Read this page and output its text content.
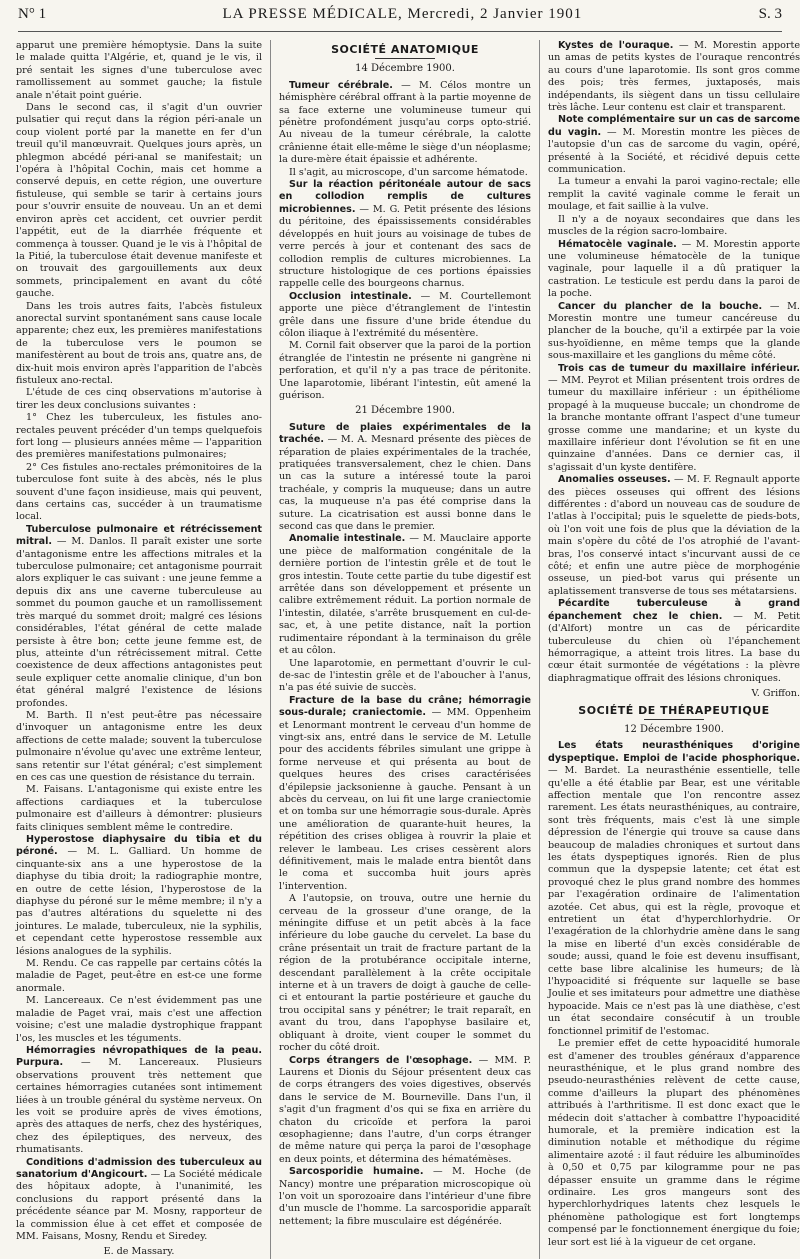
N° 1	LA PRESSE MÉDICALE, Mercredi, 2 Janvier 1901	S. 3

apparut une première hémoptysie. Dans la suite le malade quitta l'Algérie, et, quand je le vis, il pré sentait les signes d'une tuberculose avec ramollissement au sommet gauche; la fistule anale n'était point guérie.

Dans le second cas, il s'agit d'un ouvrier pulsatier qui reçut dans la région péri-anale un coup violent porté par la manette en fer d'un treuil qu'il manœuvrait. Quelques jours après, un phlegmon abcédé péri-anal se manifestait; un l'opéra à l'hôpital Cochin, mais cet homme a conservé depuis, en cette région, une ouverture fistuleuse, qui semble se tarir à certains jours pour s'ouvrir ensuite de nouveau. Un an et demi environ après cet accident, cet ouvrier perdit l'appétit, eut de la diarrhée fréquente et commença à tousser. Quand je le vis à l'hôpital de la Pitié, la tuberculose était devenue manifeste et on trouvait des gargouillements aux deux sommets, principalement en avant du côté gauche.

Dans les trois autres faits, l'abcès fistuleux anorectal survint spontanément sans cause locale apparente; chez eux, les premières manifestations de la tuberculose vers le poumon se manifestèrent au bout de trois ans, quatre ans, de dix-huit mois environ après l'apparition de l'abcès fistuleux ano-rectal.

L'étude de ces cinq observations m'autorise à tirer les deux conclusions suivantes :

1° Chez les tuberculeux, les fistules ano-rectales peuvent précéder d'un temps quelquefois fort long — plusieurs années même — l'apparition des premières manifestations pulmonaires;

2° Ces fistules ano-rectales prémonitoires de la tuberculose font suite à des abcès, nés le plus souvent d'une façon insidieuse, mais qui peuvent, dans certains cas, succéder à un traumatisme local.

Tuberculose pulmonaire et rétrécissement mitral. — M. Danlos. Il paraît exister une sorte d'antagonisme entre les affections mitrales et la tuberculose pulmonaire; cet antagonisme pourrait alors expliquer le cas suivant : une jeune femme a depuis dix ans une caverne tuberculeuse au sommet du poumon gauche et un ramollissement très marqué du sommet droit; malgré ces lésions considérables, l'état général de cette malade persiste à être bon; cette jeune femme est, de plus, atteinte d'un rétrécissement mitral. Cette coexistence de deux affections antagonistes peut seule expliquer cette anomalie clinique, d'un bon état général malgré l'existence de lésions profondes.

M. Barth. Il n'est peut-être pas nécessaire d'invoquer un antagonisme entre les deux affections de cette malade; souvent la tuberculose pulmonaire n'évolue qu'avec une extrême lenteur, sans retentir sur l'état général; c'est simplement en ces cas une question de résistance du terrain.

M. Faisans. L'antagonisme qui existe entre les affections cardiaques et la tuberculose pulmonaire est d'ailleurs à démontrer: plusieurs faits cliniques semblent même le contredire.

Hyperostose diaphysaire du tibia et du péroné. — M. L. Galliard. Un homme de cinquante-six ans a une hyperostose de la diaphyse du tibia droit; la radiographie montre, en outre de cette lésion, l'hyperostose de la diaphyse du péroné sur le même membre; il n'y a pas d'autres altérations du squelette ni des jointures. Le malade, tuberculeux, nie la syphilis, et cependant cette hyperostose ressemble aux lésions analogues de la syphilis.

M. Rendu. Ce cas rappelle par certains côtés la maladie de Paget, peut-être en est-ce une forme anormale.

M. Lancereaux. Ce n'est évidemment pas une maladie de Paget vrai, mais c'est une affection voisine; c'est une maladie dystrophique frappant l'os, les muscles et les téguments.

Hémorragies névropathiques de la peau. Purpura. — M. Lancereaux. Plusieurs observations prouvent très nettement que certaines hémorragies cutanées sont intimement liées à un trouble général du système nerveux. On les voit se produire après de vives émotions, après des attaques de nerfs, chez des hystériques, chez des épileptiques, des nerveux, des rhumatisants.

Conditions d'admission des tuberculeux au sanatorium d'Angicourt. — La Société médicale des hôpitaux adopte, à l'unanimité, les conclusions du rapport présenté dans la précédente séance par M. Mosny, rapporteur de la commission élue à cet effet et composée de MM. Faisans, Mosny, Rendu et Siredey.

E. de Massary.
SOCIÉTÉ ANATOMIQUE
14 Décembre 1900.

Tumeur cérébrale. — M. Célos montre un hémisphère cérébral offrant à la partie moyenne de sa face externe une volumineuse tumeur qui pénètre profondément jusqu'au corps opto-strié. Au niveau de la tumeur cérébrale, la calotte crânienne était elle-même le siège d'un néoplasme; la dure-mère était épaissie et adhérente.

Il s'agit, au microscope, d'un sarcome hématode.

Sur la réaction péritonéale autour de sacs en collodion remplis de cultures microbiennes. — M. G. Petit présente des lésions du péritoine, des épaississements considérables développés en huit jours au voisinage de tubes de verre percés à jour et contenant des sacs de collodion remplis de cultures microbiennes. La structure histologique de ces portions épaissies rappelle celle des bourgeons charnus.

Occlusion intestinale. — M. Courtellemont apporte une pièce d'étranglement de l'intestin grêle dans une fissure d'une bride étendue du côlon iliaque à l'extrémité du mésentère.

M. Cornil fait observer que la paroi de la portion étranglée de l'intestin ne présente ni gangrène ni perforation, et qu'il n'y a pas trace de péritonite. Une laparotomie, libérant l'intestin, eût amené la guérison.

21 Décembre 1900.

Suture de plaies expérimentales de la trachée. — M. A. Mesnard présente des pièces de réparation de plaies expérimentales de la trachée, pratiquées transversalement, chez le chien. Dans un cas la suture a intéressé toute la paroi trachéale, y compris la muqueuse; dans un autre cas, la muqueuse n'a pas été comprise dans la suture. La cicatrisation est aussi bonne dans le second cas que dans le premier.

Anomalie intestinale. — M. Mauclaire apporte une pièce de malformation congénitale de la dernière portion de l'intestin grêle et de tout le gros intestin. Toute cette partie du tube digestif est arrêtée dans son développement et présente un calibre extrêmement réduit. La portion normale de l'intestin, dilatée, s'arrête brusquement en cul-de-sac, et, à une petite distance, naît la portion rudimentaire répondant à la terminaison du grêle et au côlon.

Une laparotomie, en permettant d'ouvrir le cul-de-sac de l'intestin grêle et de l'aboucher à l'anus, n'a pas été suivie de succès.

Fracture de la base du crâne; hémorragie sous-durale; craniectomie. — MM. Oppenheim et Lenormant montrent le cerveau d'un homme de vingt-six ans, entré dans le service de M. Letulle pour des accidents fébriles simulant une grippe à forme nerveuse et qui présenta au bout de quelques heures des crises caractérisées d'épilepsie jacksonienne à gauche. Pensant à un abcès du cerveau, on lui fit une large craniectomie et on tomba sur une hémorragie sous-durale. Après une amélioration de quarante-huit heures, la répétition des crises obligea à rouvrir la plaie et relever le lambeau. Les crises cessèrent alors définitivement, mais le malade entra bientôt dans le coma et succomba huit jours après l'intervention.

A l'autopsie, on trouva, outre une hernie du cerveau de la grosseur d'une orange, de la méningite diffuse et un petit abcès à la face inférieure du lobe gauche du cervelet. La base du crâne présentait un trait de fracture partant de la région de la protubérance occipitale interne, descendant parallèlement à la crête occipitale interne et à un travers de doigt à gauche de celle-ci et entourant la partie postérieure et gauche du trou occipital sans y pénétrer; le trait reparaît, en avant du trou, dans l'apophyse basilaire et, obliquant à droite, vient couper le sommet du rocher du côté droit.

Corps étrangers de l'œsophage. — MM. P. Laurens et Dionis du Séjour présentent deux cas de corps étrangers des voies digestives, observés dans le service de M. Bourneville. Dans l'un, il s'agit d'un fragment d'os qui se fixa en arrière du chaton du cricoïde et perfora la paroi œsophagienne; dans l'autre, d'un corps étranger de même nature qui perça la paroi de l'œsophage en deux points, et détermina des hématémèses.

Sarcosporidie humaine. — M. Hoche (de Nancy) montre une préparation microscopique où l'on voit un sporozoaire dans l'intérieur d'une fibre d'un muscle de l'homme. La sarcosporidie apparaît nettement; la fibre musculaire est dégénérée.

Kystes de l'ouraque. — M. Morestin apporte un amas de petits kystes de l'ouraque rencontrés au cours d'une laparotomie. Ils sont gros comme des pois; très fermes, juxtaposés, mais indépendants, ils siègent dans un tissu cellulaire très lâche. Leur contenu est clair et transparent.

Note complémentaire sur un cas de sarcome du vagin. — M. Morestin montre les pièces de l'autopsie d'un cas de sarcome du vagin, opéré, présenté à la Société, et récidivé depuis cette communication.

La tumeur a envahi la paroi vagino-rectale; elle remplit la cavité vaginale comme le ferait un moulage, et fait saillie à la vulve.

Il n'y a de noyaux secondaires que dans les muscles de la région sacro-lombaire.

Hématocèle vaginale. — M. Morestin apporte une volumineuse hématocèle de la tunique vaginale, pour laquelle il a dû pratiquer la castration. Le testicule est perdu dans la paroi de la poche.

Cancer du plancher de la bouche. — M. Morestin montre une tumeur cancéreuse du plancher de la bouche, qu'il a extirpée par la voie sus-hyoïdienne, en même temps que la glande sous-maxillaire et les ganglions du même côté.

Trois cas de tumeur du maxillaire inférieur. — MM. Peyrot et Milian présentent trois ordres de tumeur du maxillaire inférieur : un épithéliome propagé à la muqueuse buccale; un chondrome de la branche montante offrant l'aspect d'une tumeur grosse comme une mandarine; et un kyste du maxillaire inférieur dont l'évolution se fit en une quinzaine d'années. Dans ce dernier cas, il s'agissait d'un kyste dentifère.

Anomalies osseuses. — M. F. Regnault apporte des pièces osseuses qui offrent des lésions différentes : d'abord un nouveau cas de soudure de l'atlas à l'occipital; puis le squelette de pieds-bots, où l'on voit une fois de plus que la déviation de la main s'opère du côté de l'os atrophié de l'avant-bras, l'os conservé intact s'incurvant aussi de ce côté; et enfin une autre pièce de morphogénie osseuse, un pied-bot varus qui présente un aplatissement transverse de tous ses métatarsiens.

Pécardite tuberculeuse à grand épanchement chez le chien. — M. Petit (d'Alfort) montre un cas de péricardite tuberculeuse du chien où l'épanchement hémorragique, a atteint trois litres. La base du cœur était surmontée de végétations : la plèvre diaphragmatique offrait des lésions chroniques.

V. Griffon.
SOCIÉTÉ DE THÉRAPEUTIQUE
12 Décembre 1900.

Les états neurasthéniques d'origine dyspeptique. Emploi de l'acide phosphorique. — M. Bardet. La neurasthénie essentielle, telle qu'elle a été établie par Bear, est une véritable affection mentale que l'on rencontre assez rarement. Les états neurasthéniques, au contraire, sont très fréquents, mais c'est là une simple dépression de l'énergie qui trouve sa cause dans beaucoup de maladies chroniques et surtout dans les états dyspeptiques ignorés. Rien de plus commun que la dyspepsie latente; cet état est provoqué chez le plus grand nombre des hommes par l'exagération ordinaire de l'alimentation azotée. Cet abus, qui est la règle, provoque et entretient un état d'hyperchlorhydrie. Or l'exagération de la chlorhydrie amène dans le sang la mise en liberté d'un excès considérable de soude; aussi, quand le foie est devenu insuffisant, cette base libre alcalinise les humeurs; de là l'hypoacidité si fréquente sur laquelle se base Joulie et ses imitateurs pour admettre une diathèse hypoacide. Mais ce n'est pas là une diathèse, c'est un état secondaire consécutif à un trouble fonctionnel primitif de l'estomac.

Le premier effet de cette hypoacidité humorale est d'amener des troubles généraux d'apparence neurasthénique, et le plus grand nombre des pseudo-neurasthénies relèvent de cette cause, comme d'ailleurs la plupart des phénomènes attribués à l'arthritisme. Il est donc exact que le médecin doit s'attacher à combattre l'hypoacidité humorale, et la première indication est la diminution notable et méthodique du régime alimentaire azoté : il faut réduire les albuminoïdes à 0,50 et 0,75 par kilogramme pour ne pas dépasser ensuite un gramme dans le régime ordinaire. Les gros mangeurs sont des hyperchlorhydriques latents chez lesquels le phénomène pathologique est fort longtemps compensé par le fonctionnement énergique du foie; leur sort est lié à la vigueur de cet organe.
